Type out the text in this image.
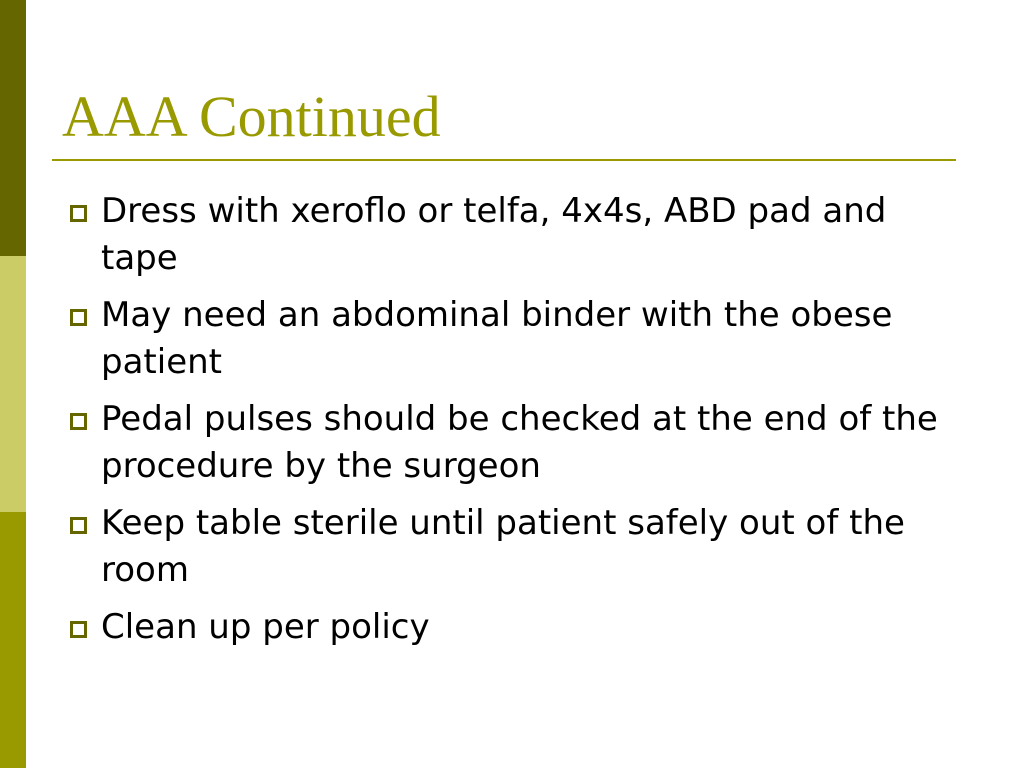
AAA Continued
Dress with xeroflo or telfa, 4x4s, ABD pad and tape
May need an abdominal binder with the obese patient
Pedal pulses should be checked at the end of the procedure by the surgeon
Keep table sterile until patient safely out of the room
Clean up per policy
